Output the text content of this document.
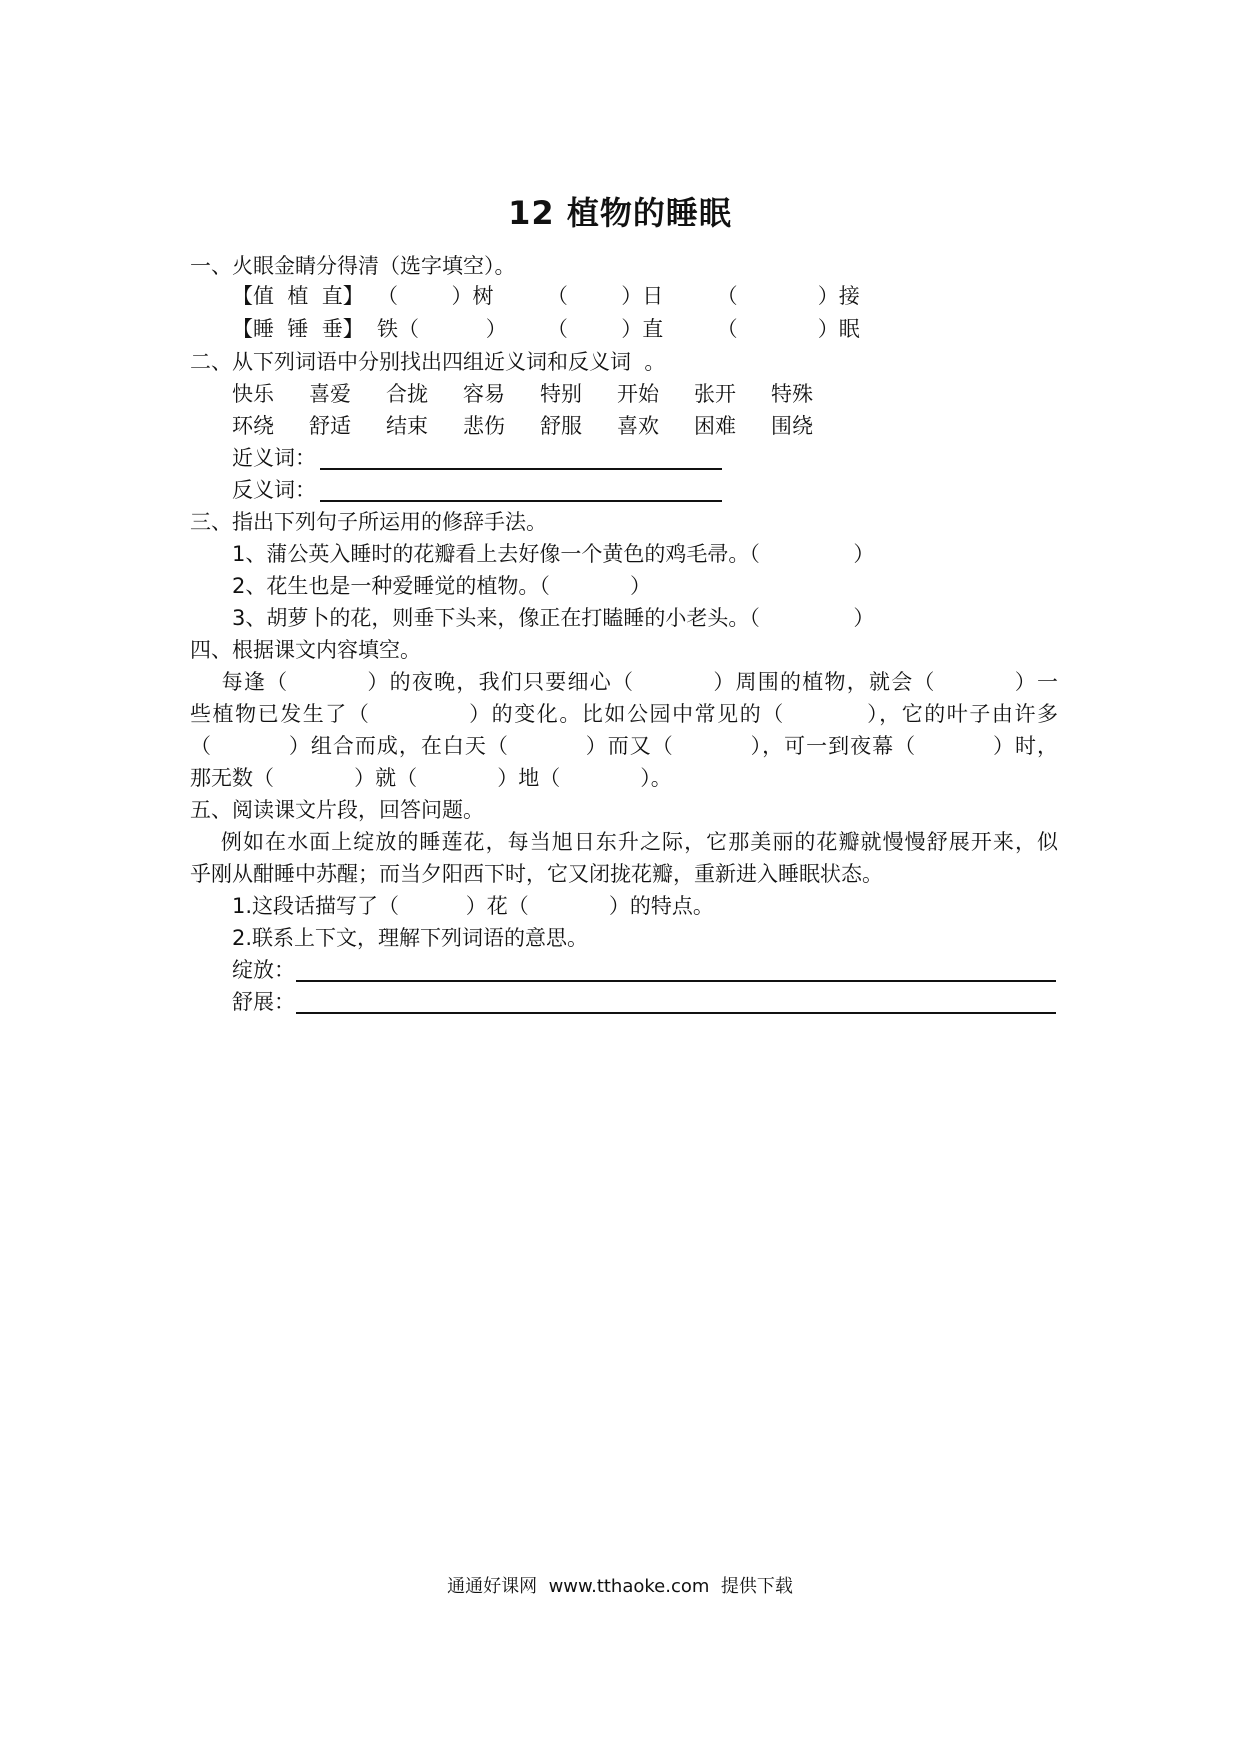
12 植物的睡眠
一、火眼金睛分得清（选字填空）。
【值  植  直】  （        ）树        （        ）日        （            ）接
【睡  锤  垂】  铁（          ）      （        ）直        （            ）眠
二、从下列词语中分别找出四组近义词和反义词  。
快乐 喜爱 合拢 容易 特别 开始 张开 特殊
环绕 舒适 结束 悲伤 舒服 喜欢 困难 围绕
近义词：
反义词：
三、指出下列句子所运用的修辞手法。
1、蒲公英入睡时的花瓣看上去好像一个黄色的鸡毛帚。（              ）
2、花生也是一种爱睡觉的植物。（            ）
3、胡萝卜的花，则垂下头来，像正在打瞌睡的小老头。（              ）
四、根据课文内容填空。
每逢（          ）的夜晚，我们只要细心（          ）周围的植物，就会（          ）一
些植物已发生了（            ）的变化。比如公园中常见的（          ），它的叶子由许多
（          ）组合而成，在白天（          ）而又（          ），可一到夜幕（          ）时，
那无数（            ）就（            ）地（            ）。
五、阅读课文片段，回答问题。
例如在水面上绽放的睡莲花，每当旭日东升之际，它那美丽的花瓣就慢慢舒展开来，似
乎刚从酣睡中苏醒；而当夕阳西下时，它又闭拢花瓣，重新进入睡眠状态。
1.这段话描写了（          ）花（            ）的特点。
2.联系上下文，理解下列词语的意思。
绽放：
舒展：
通通好课网  www.tthaoke.com  提供下载
